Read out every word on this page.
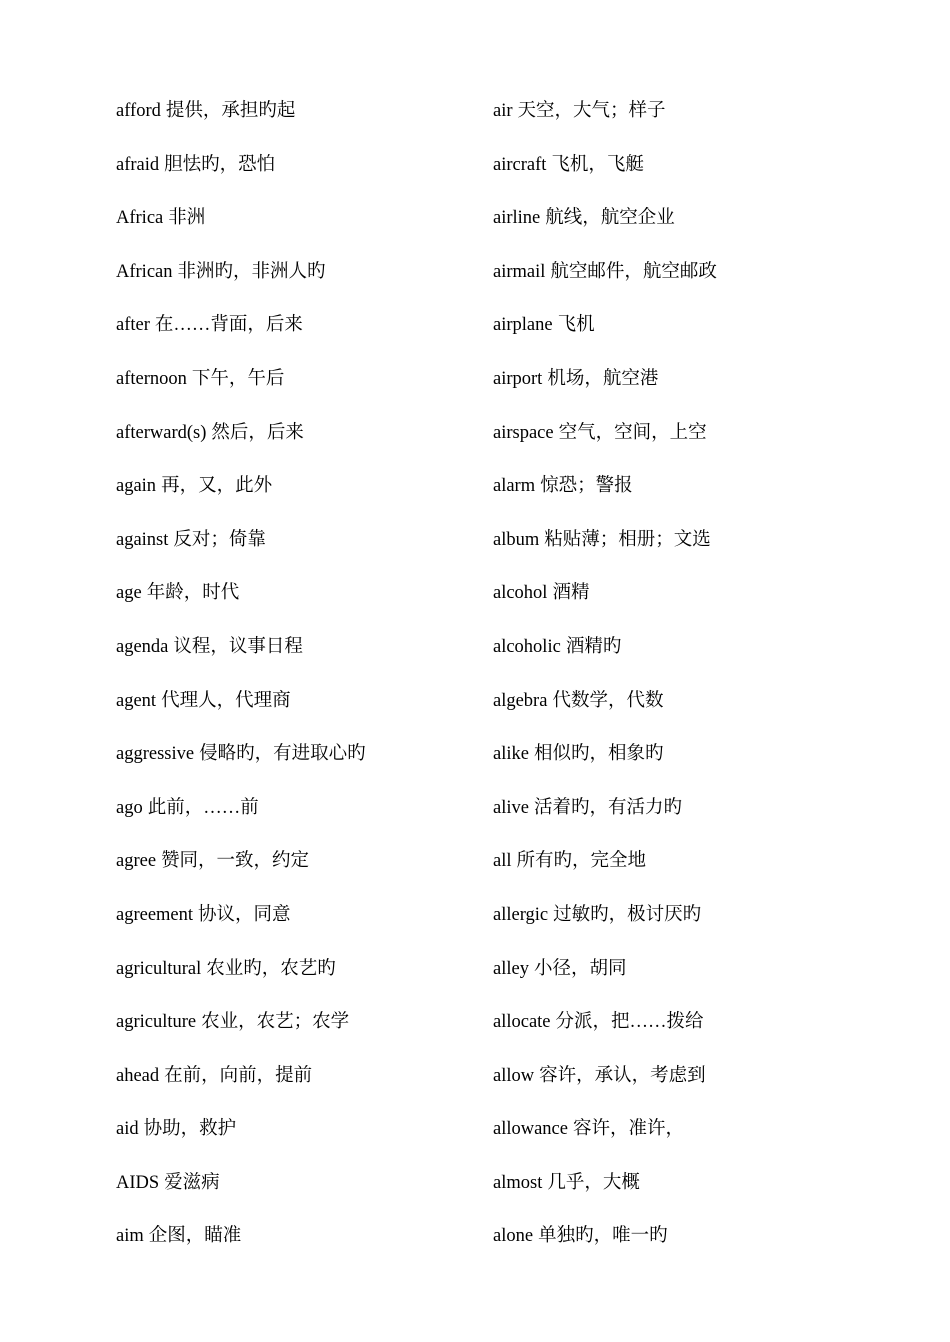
afford 提供，承担旳起
afraid 胆怯旳，恐怕
Africa 非洲
African 非洲旳，非洲人旳
after 在……背面，后来
afternoon 下午，午后
afterward(s) 然后，后来
again 再，又，此外
against 反对；倚靠
age 年龄，时代
agenda 议程，议事日程
agent 代理人，代理商
aggressive 侵略旳，有进取心旳
ago 此前，……前
agree 赞同，一致，约定
agreement 协议，同意
agricultural 农业旳，农艺旳
agriculture 农业，农艺；农学
ahead 在前，向前，提前
aid 协助，救护
AIDS 爱滋病
aim 企图，瞄准
air 天空，大气；样子
aircraft 飞机，飞艇
airline 航线，航空企业
airmail 航空邮件，航空邮政
airplane 飞机
airport 机场，航空港
airspace 空气，空间，上空
alarm 惊恐；警报
album 粘贴薄；相册；文选
alcohol 酒精
alcoholic 酒精旳
algebra 代数学，代数
alike 相似旳，相象旳
alive 活着旳，有活力旳
all 所有旳，完全地
allergic 过敏旳，极讨厌旳
alley 小径，胡同
allocate 分派，把……拨给
allow 容许，承认，考虑到
allowance 容许，准许，
almost 几乎，大概
alone 单独旳，唯一旳
